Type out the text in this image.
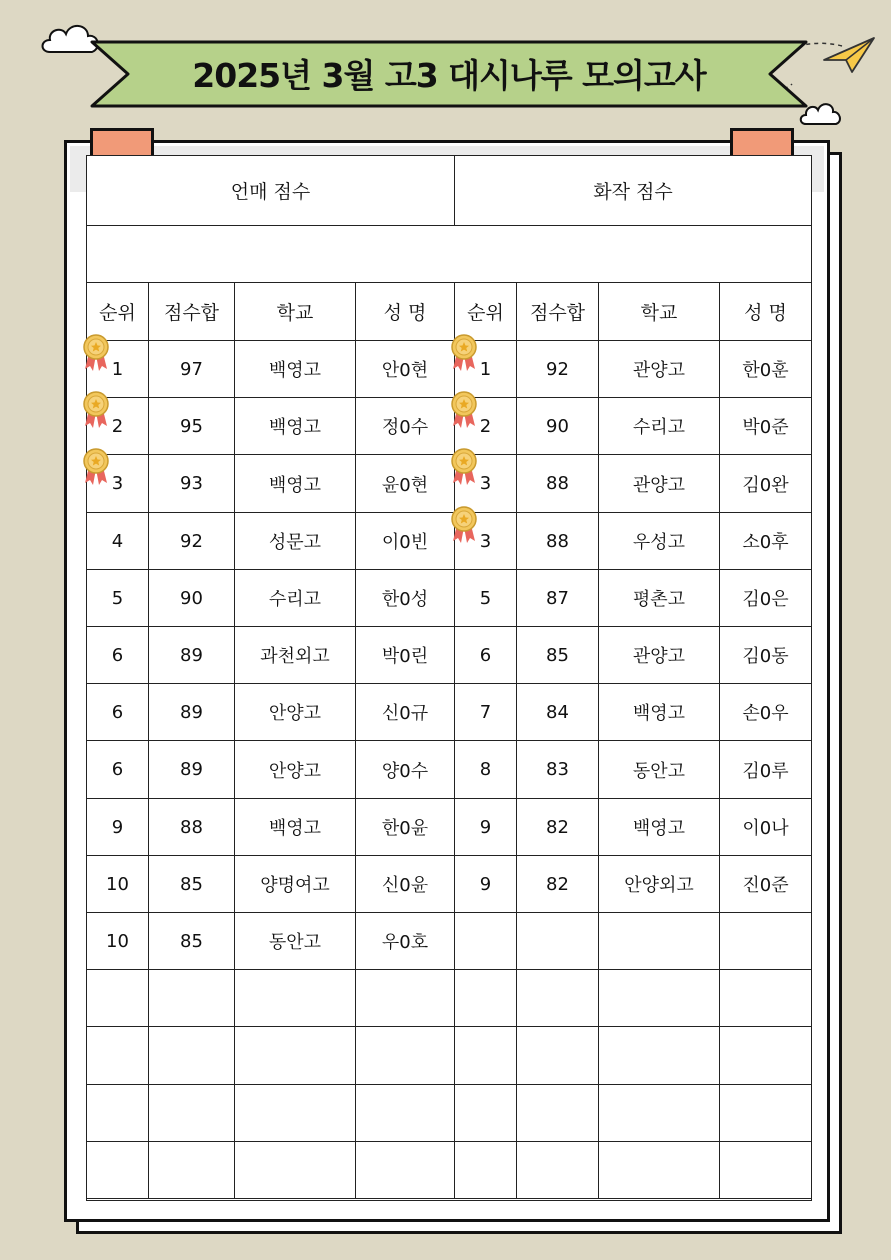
2025년 3월 고3 대시나루 모의고사
언매 점수	화작 점수
순위	점수합	학교	성 명	순위	점수합	학교	성 명
1	97	백영고	안0현	1	92	관양고	한0훈
2	95	백영고	정0수	2	90	수리고	박0준
3	93	백영고	윤0현	3	88	관양고	김0완
4	92	성문고	이0빈	3	88	우성고	소0후
5	90	수리고	한0성	5	87	평촌고	김0은
6	89	과천외고	박0린	6	85	관양고	김0동
6	89	안양고	신0규	7	84	백영고	손0우
6	89	안양고	양0수	8	83	동안고	김0루
9	88	백영고	한0윤	9	82	백영고	이0나
10	85	양명여고	신0윤	9	82	안양외고	진0준
10	85	동안고	우0호
